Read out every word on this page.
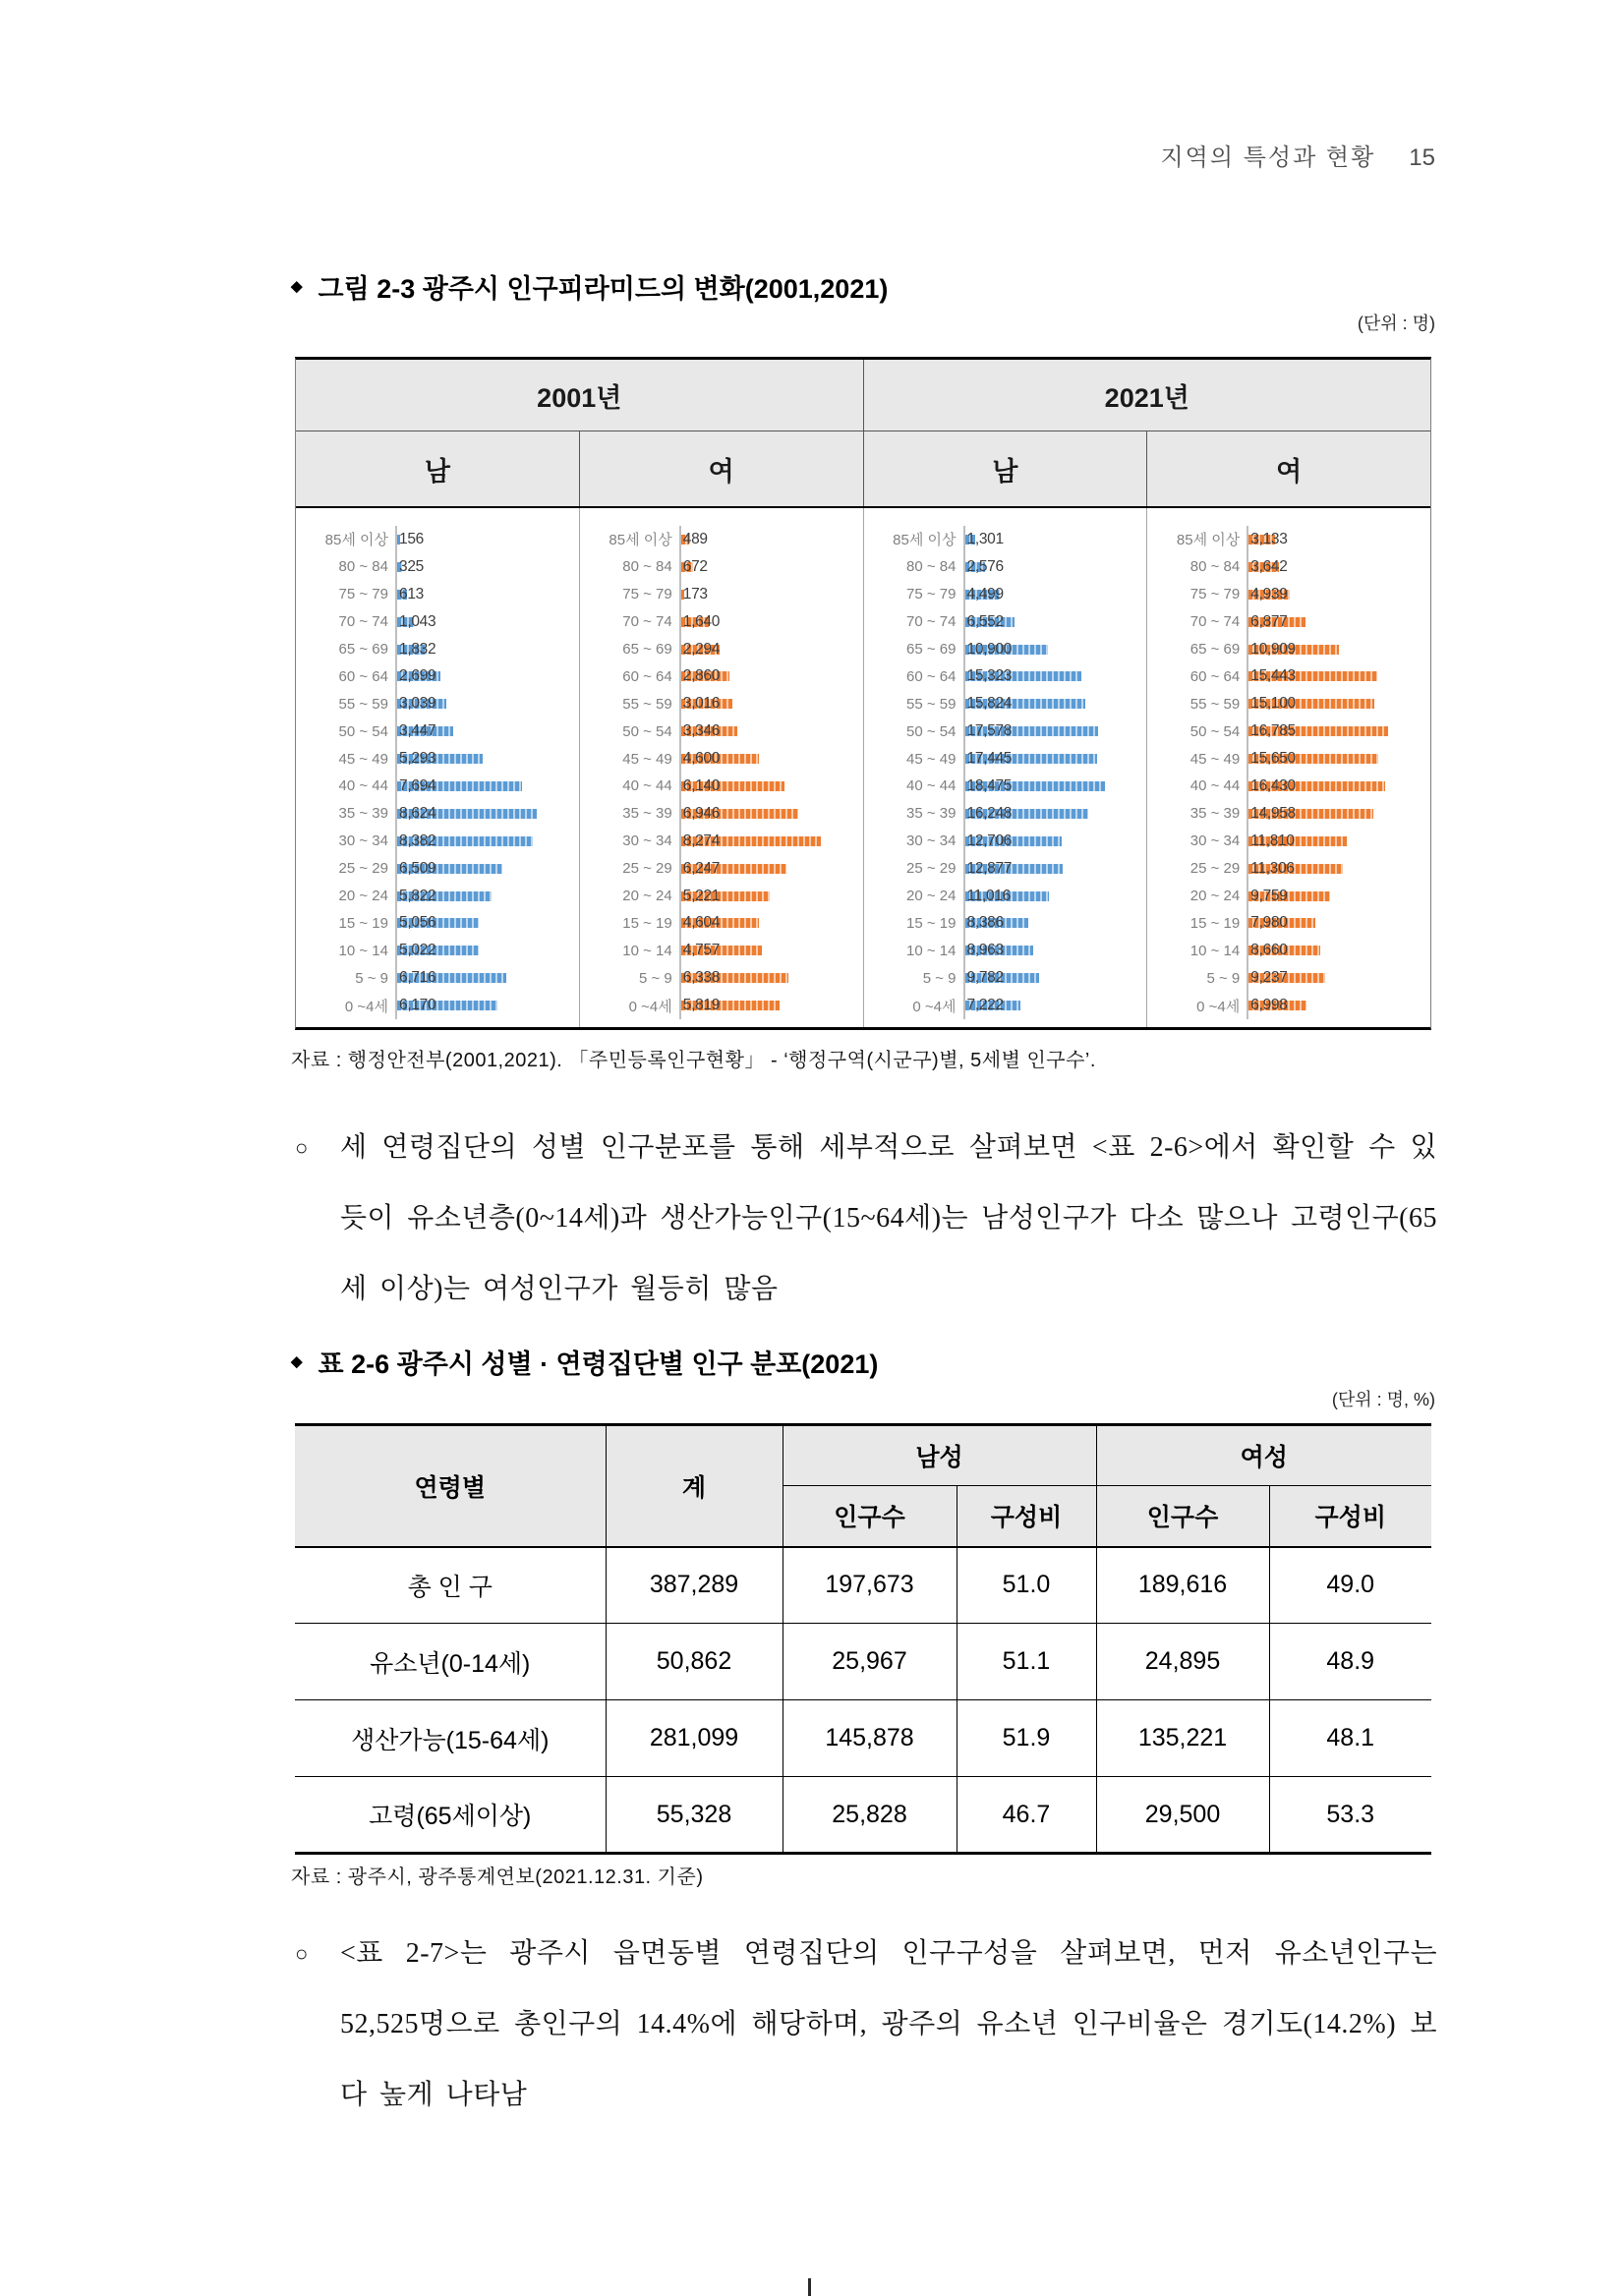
지역의 특성과 현황 15
◆ 그림 2-3 광주시 인구피라미드의 변화(2001,2021)
(단위 : 명)
2001년	2021년
남	여	남	여
85세 이상 156
80 ~ 84 325
75 ~ 79 613
70 ~ 74 1,043
65 ~ 69 1,832
60 ~ 64 2,699
55 ~ 59 3,039
50 ~ 54 3,447
45 ~ 49 5,293
40 ~ 44 7,694
35 ~ 39 8,624
30 ~ 34 8,382
25 ~ 29 6,509
20 ~ 24 5,822
15 ~ 19 5,056
10 ~ 14 5,022
5 ~ 9 6,716
0 ~4세 6,170
85세 이상 489
80 ~ 84 672
75 ~ 79 173
70 ~ 74 1,640
65 ~ 69 2,294
60 ~ 64 2,860
55 ~ 59 3,016
50 ~ 54 3,346
45 ~ 49 4,600
40 ~ 44 6,140
35 ~ 39 6,946
30 ~ 34 8,274
25 ~ 29 6,247
20 ~ 24 5,221
15 ~ 19 4,604
10 ~ 14 4,757
5 ~ 9 6,338
0 ~4세 5,819
85세 이상 1,301
80 ~ 84 2,576
75 ~ 79 4,499
70 ~ 74 6,552
65 ~ 69 10,900
60 ~ 64 15,323
55 ~ 59 15,824
50 ~ 54 17,578
45 ~ 49 17,445
40 ~ 44 18,475
35 ~ 39 16,248
30 ~ 34 12,706
25 ~ 29 12,877
20 ~ 24 11,016
15 ~ 19 8,386
10 ~ 14 8,963
5 ~ 9 9,782
0 ~4세 7,222
85세 이상 3,133
80 ~ 84 3,642
75 ~ 79 4,939
70 ~ 74 6,877
65 ~ 69 10,909
60 ~ 64 15,443
55 ~ 59 15,100
50 ~ 54 16,785
45 ~ 49 15,650
40 ~ 44 16,430
35 ~ 39 14,958
30 ~ 34 11,810
25 ~ 29 11,306
20 ~ 24 9,759
15 ~ 19 7,980
10 ~ 14 8,660
5 ~ 9 9,237
0 ~4세 6,998
자료 : 행정안전부(2001,2021). 「주민등록인구현황」 - ‘행정구역(시군구)별, 5세별 인구수’.
○	세 연령집단의 성별 인구분포를 통해 세부적으로 살펴보면 <표 2-6>에서 확인할 수 있듯이 유소년층(0~14세)과 생산가능인구(15~64세)는 남성인구가 다소 많으나 고령인구(65세 이상)는 여성인구가 월등히 많음
◆ 표 2-6 광주시 성별 · 연령집단별 인구 분포(2021)
(단위 : 명, %)
연령별	계	남성		여성	
		인구수	구성비	인구수	구성비
총 인 구	387,289	197,673	51.0	189,616	49.0
유소년(0-14세)	50,862	25,967	51.1	24,895	48.9
생산가능(15-64세)	281,099	145,878	51.9	135,221	48.1
고령(65세이상)	55,328	25,828	46.7	29,500	53.3
자료 : 광주시, 광주통계연보(2021.12.31. 기준)
○	<표 2-7>는 광주시 읍면동별 연령집단의 인구구성을 살펴보면, 먼저 유소년인구는 52,525명으로 총인구의 14.4%에 해당하며, 광주의 유소년 인구비율은 경기도(14.2%) 보다 높게 나타남
